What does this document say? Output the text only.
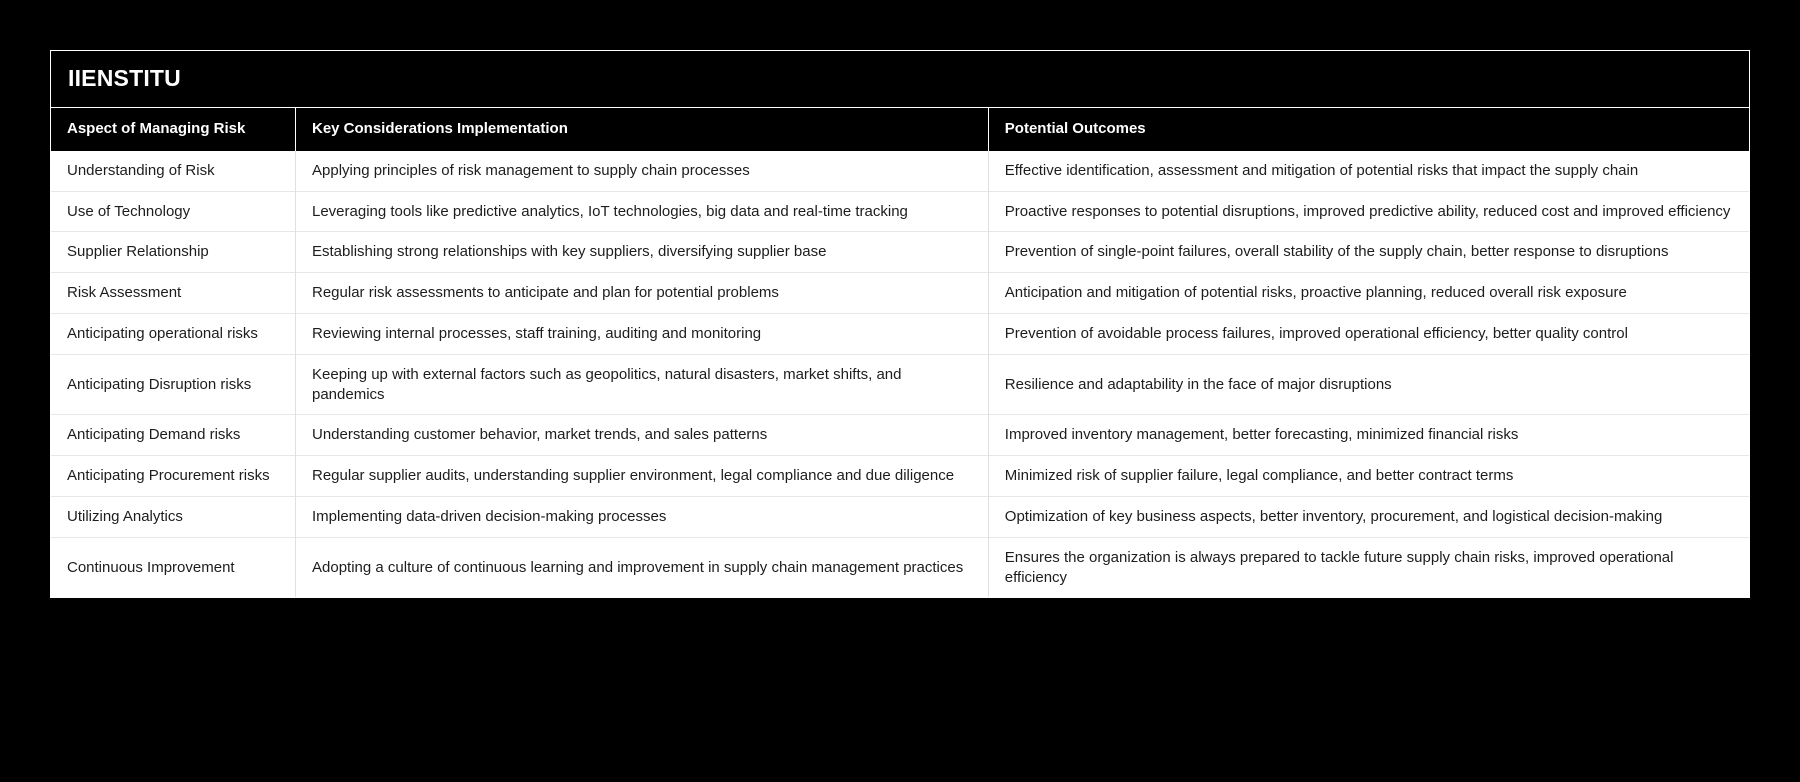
IIENSTITU
Aspect of Managing Risk	Key Considerations Implementation	Potential Outcomes
Understanding of Risk	Applying principles of risk management to supply chain processes	Effective identification, assessment and mitigation of potential risks that impact the supply chain
Use of Technology	Leveraging tools like predictive analytics, IoT technologies, big data and real-time tracking	Proactive responses to potential disruptions, improved predictive ability, reduced cost and improved efficiency
Supplier Relationship	Establishing strong relationships with key suppliers, diversifying supplier base	Prevention of single-point failures, overall stability of the supply chain, better response to disruptions
Risk Assessment	Regular risk assessments to anticipate and plan for potential problems	Anticipation and mitigation of potential risks, proactive planning, reduced overall risk exposure
Anticipating operational risks	Reviewing internal processes, staff training, auditing and monitoring	Prevention of avoidable process failures, improved operational efficiency, better quality control
Anticipating Disruption risks	Keeping up with external factors such as geopolitics, natural disasters, market shifts, and pandemics	Resilience and adaptability in the face of major disruptions
Anticipating Demand risks	Understanding customer behavior, market trends, and sales patterns	Improved inventory management, better forecasting, minimized financial risks
Anticipating Procurement risks	Regular supplier audits, understanding supplier environment, legal compliance and due diligence	Minimized risk of supplier failure, legal compliance, and better contract terms
Utilizing Analytics	Implementing data-driven decision-making processes	Optimization of key business aspects, better inventory, procurement, and logistical decision-making
Continuous Improvement	Adopting a culture of continuous learning and improvement in supply chain management practices	Ensures the organization is always prepared to tackle future supply chain risks, improved operational efficiency
